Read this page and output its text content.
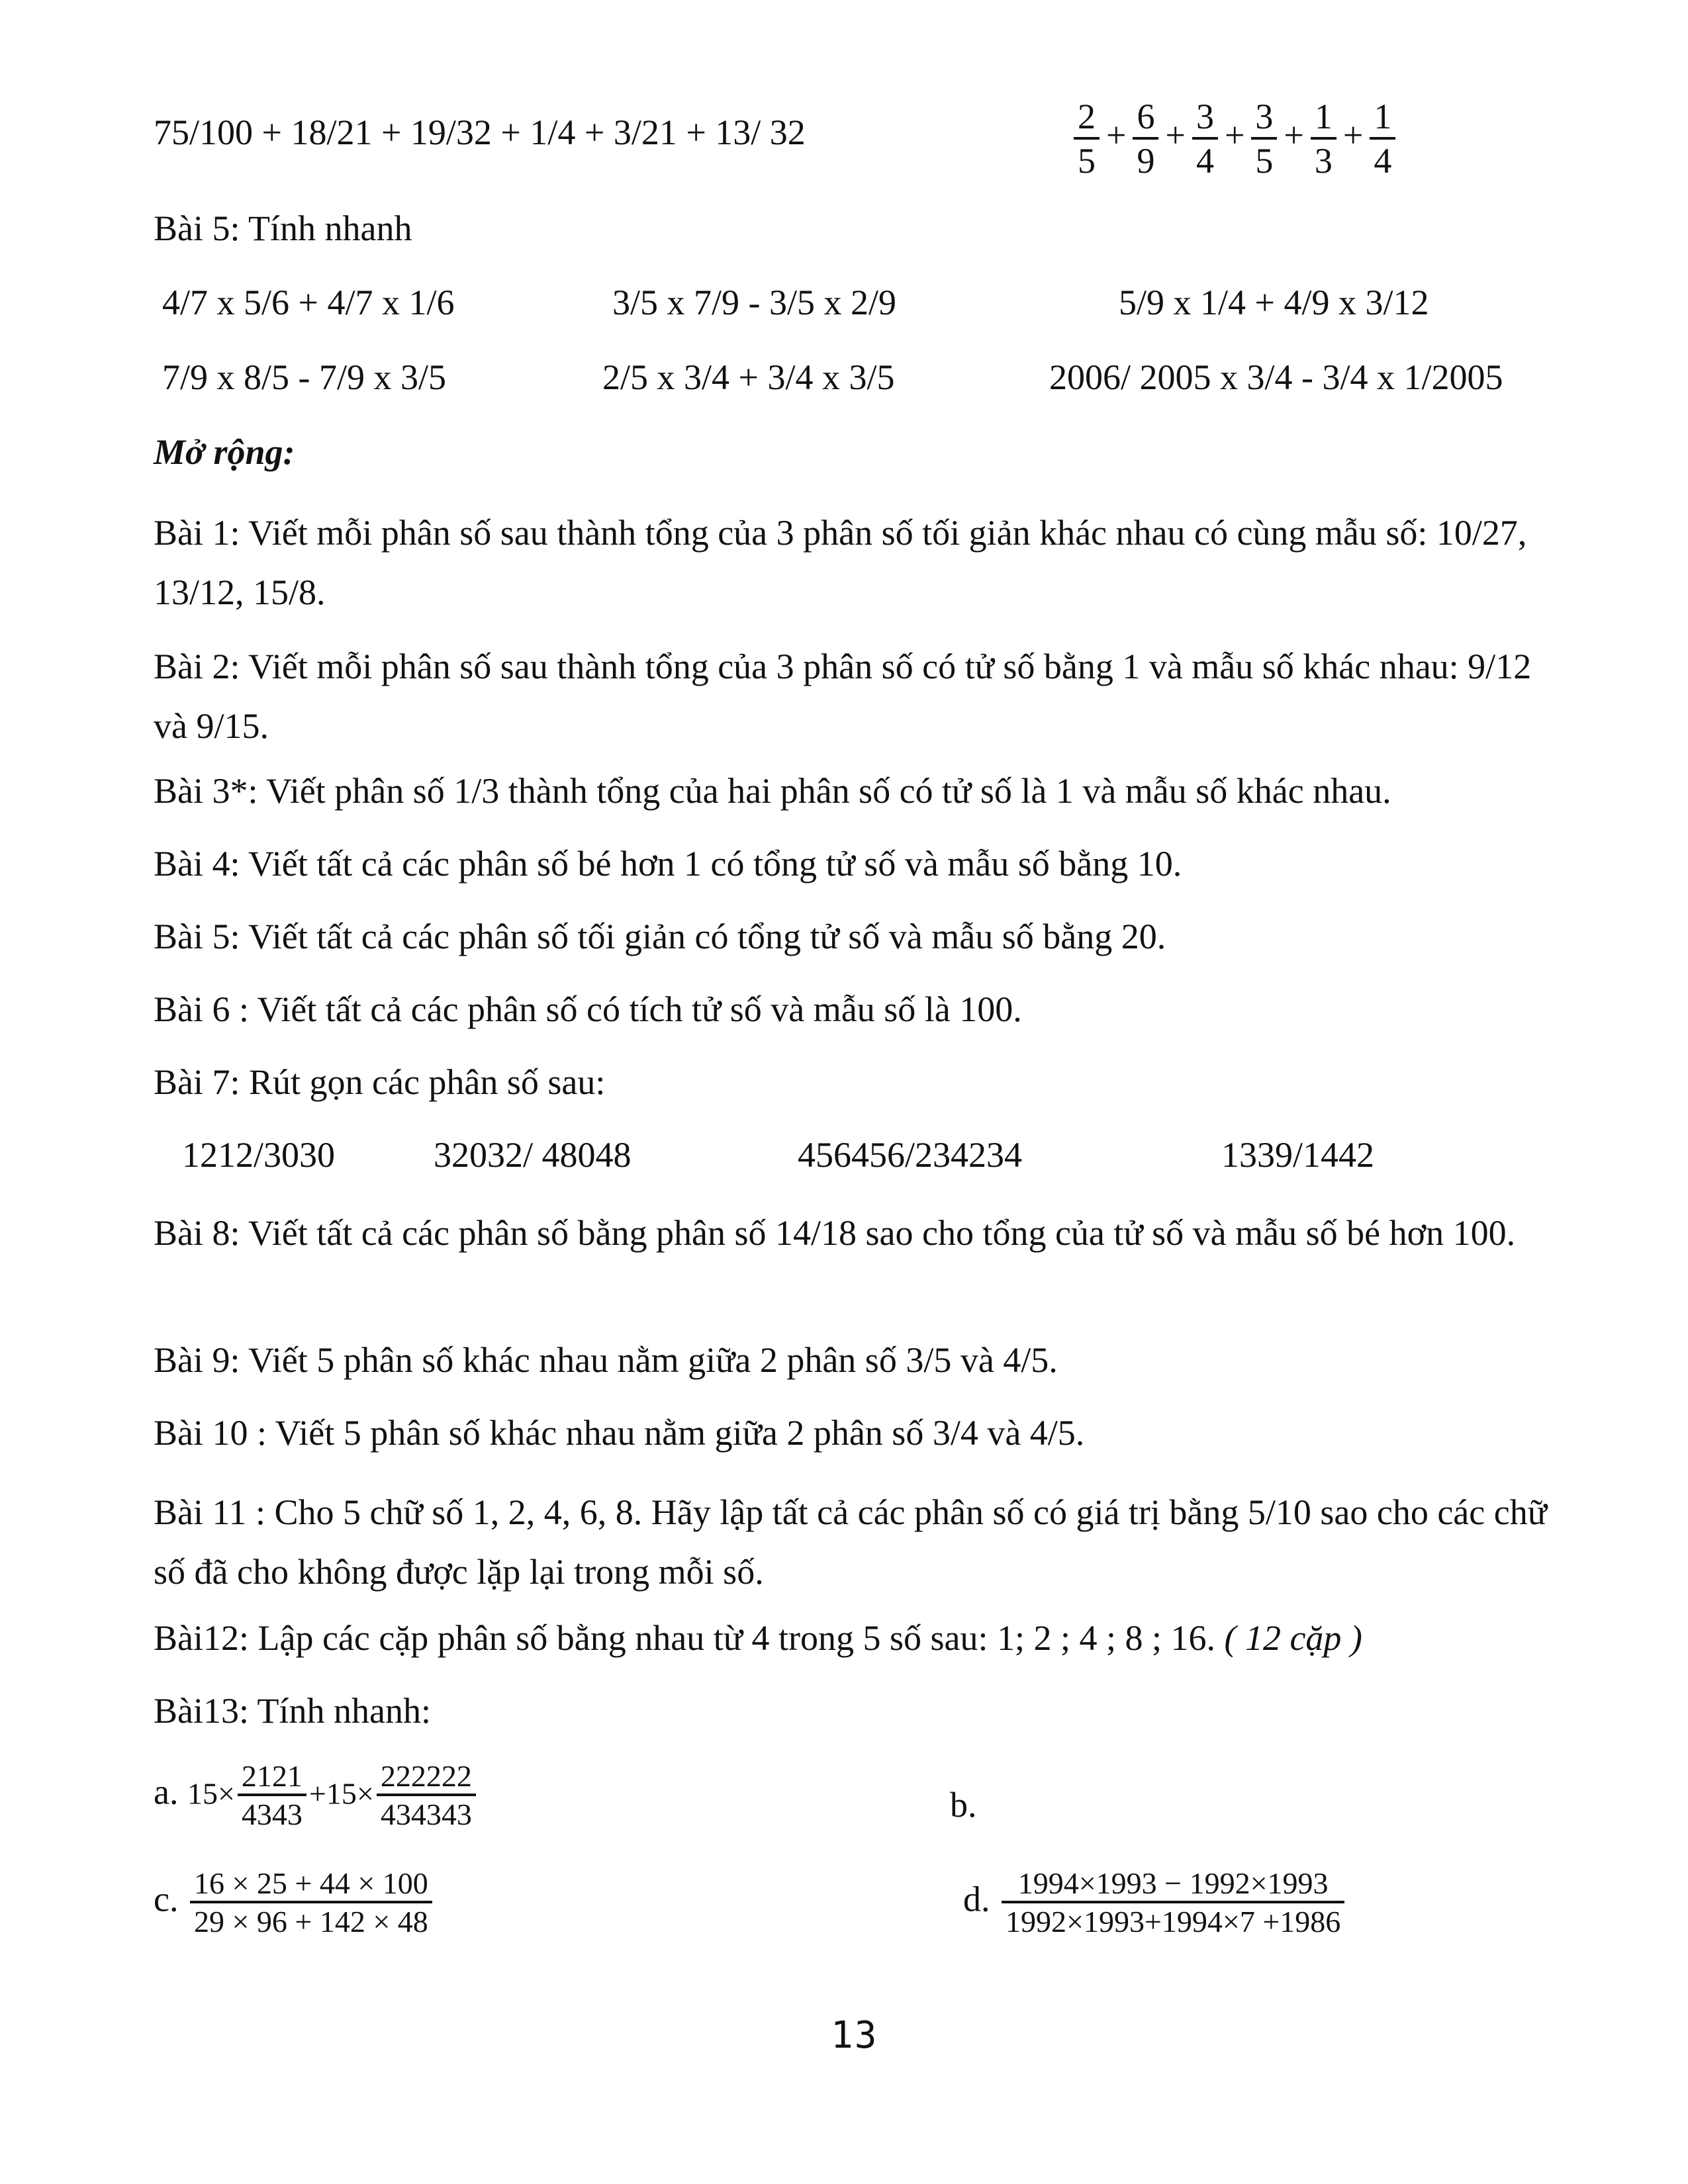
75/100 + 18/21 + 19/32 + 1/4 + 3/21 + 13/ 32	$\frac{2}{5} + \frac{6}{9} + \frac{3}{4} + \frac{3}{5} + \frac{1}{3} + \frac{1}{4}$
Bài 5: Tính nhanh
4/7 x 5/6 + 4/7 x 1/6	3/5 x 7/9 - 3/5 x 2/9	5/9 x 1/4 + 4/9 x 3/12
7/9 x 8/5 - 7/9 x 3/5	2/5 x 3/4 + 3/4 x 3/5	2006/ 2005 x 3/4 - 3/4 x 1/2005
Mở rộng:
Bài 1: Viết mỗi phân số sau thành tổng của 3 phân số tối giản khác nhau có cùng mẫu số: 10/27, 13/12, 15/8.
Bài 2: Viết mỗi phân số sau thành tổng của 3 phân số có tử số bằng 1 và mẫu số khác nhau: 9/12 và 9/15.
Bài 3*: Viết phân số 1/3 thành tổng của hai phân số có tử số là 1 và mẫu số khác nhau.
Bài 4: Viết tất cả các phân số bé hơn 1 có tổng tử số và mẫu số bằng 10.
Bài 5: Viết tất cả các phân số tối giản có tổng tử số và mẫu số bằng 20.
Bài 6 : Viết tất cả các phân số có tích tử số và mẫu số là 100.
Bài 7: Rút gọn các phân số sau:
1212/3030	32032/ 48048	456456/234234	1339/1442
Bài 8: Viết tất cả các phân số bằng phân số 14/18 sao cho tổng của tử số và mẫu số bé hơn 100.
Bài 9: Viết 5 phân số khác nhau nằm giữa 2 phân số 3/5 và 4/5.
Bài 10 : Viết 5 phân số khác nhau nằm giữa 2 phân số 3/4 và 4/5.
Bài 11 : Cho 5 chữ số 1, 2, 4, 6, 8. Hãy lập tất cả các phân số có giá trị bằng 5/10 sao cho các chữ số đã cho không được lặp lại trong mỗi số.
Bài12: Lập các cặp phân số bằng nhau từ 4 trong 5 số sau: 1; 2 ; 4 ; 8 ; 16. ( 12 cặp )
Bài13: Tính nhanh:
a. $15\times \frac{2121}{4343} +15\times \frac{222222}{434343}$	b.
c. $\frac{16 \times 25 + 44 \times 100}{29 \times 96 + 142 \times 48}$	d. $\frac{1994\times 1993 - 1992\times 1993}{1992\times 1993+1994\times 7 +1986}$
13
